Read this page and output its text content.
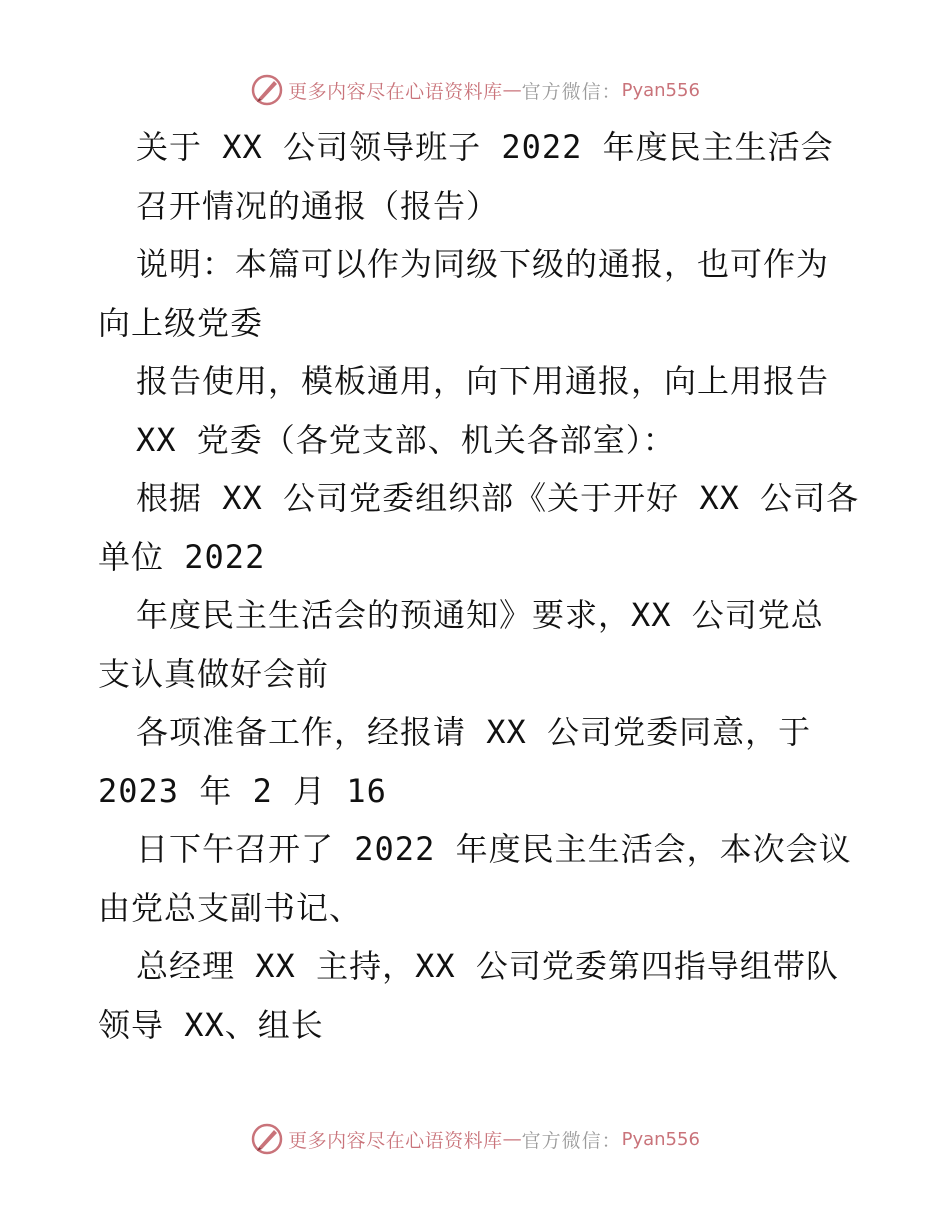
更多内容尽在心语资料库 — 官方微信： Pyan556
关于 XX 公司领导班子 2022 年度民主生活会
召开情况的通报（报告）
说明：本篇可以作为同级下级的通报，也可作为
向上级党委
报告使用，模板通用，向下用通报，向上用报告
XX 党委（各党支部、机关各部室）：
根据 XX 公司党委组织部《关于开好 XX 公司各
单位 2022
年度民主生活会的预通知》要求，XX 公司党总
支认真做好会前
各项准备工作，经报请 XX 公司党委同意，于
2023 年 2 月 16
日下午召开了 2022 年度民主生活会，本次会议
由党总支副书记、
总经理 XX 主持，XX 公司党委第四指导组带队
领导 XX、组长
更多内容尽在心语资料库 — 官方微信： Pyan556
